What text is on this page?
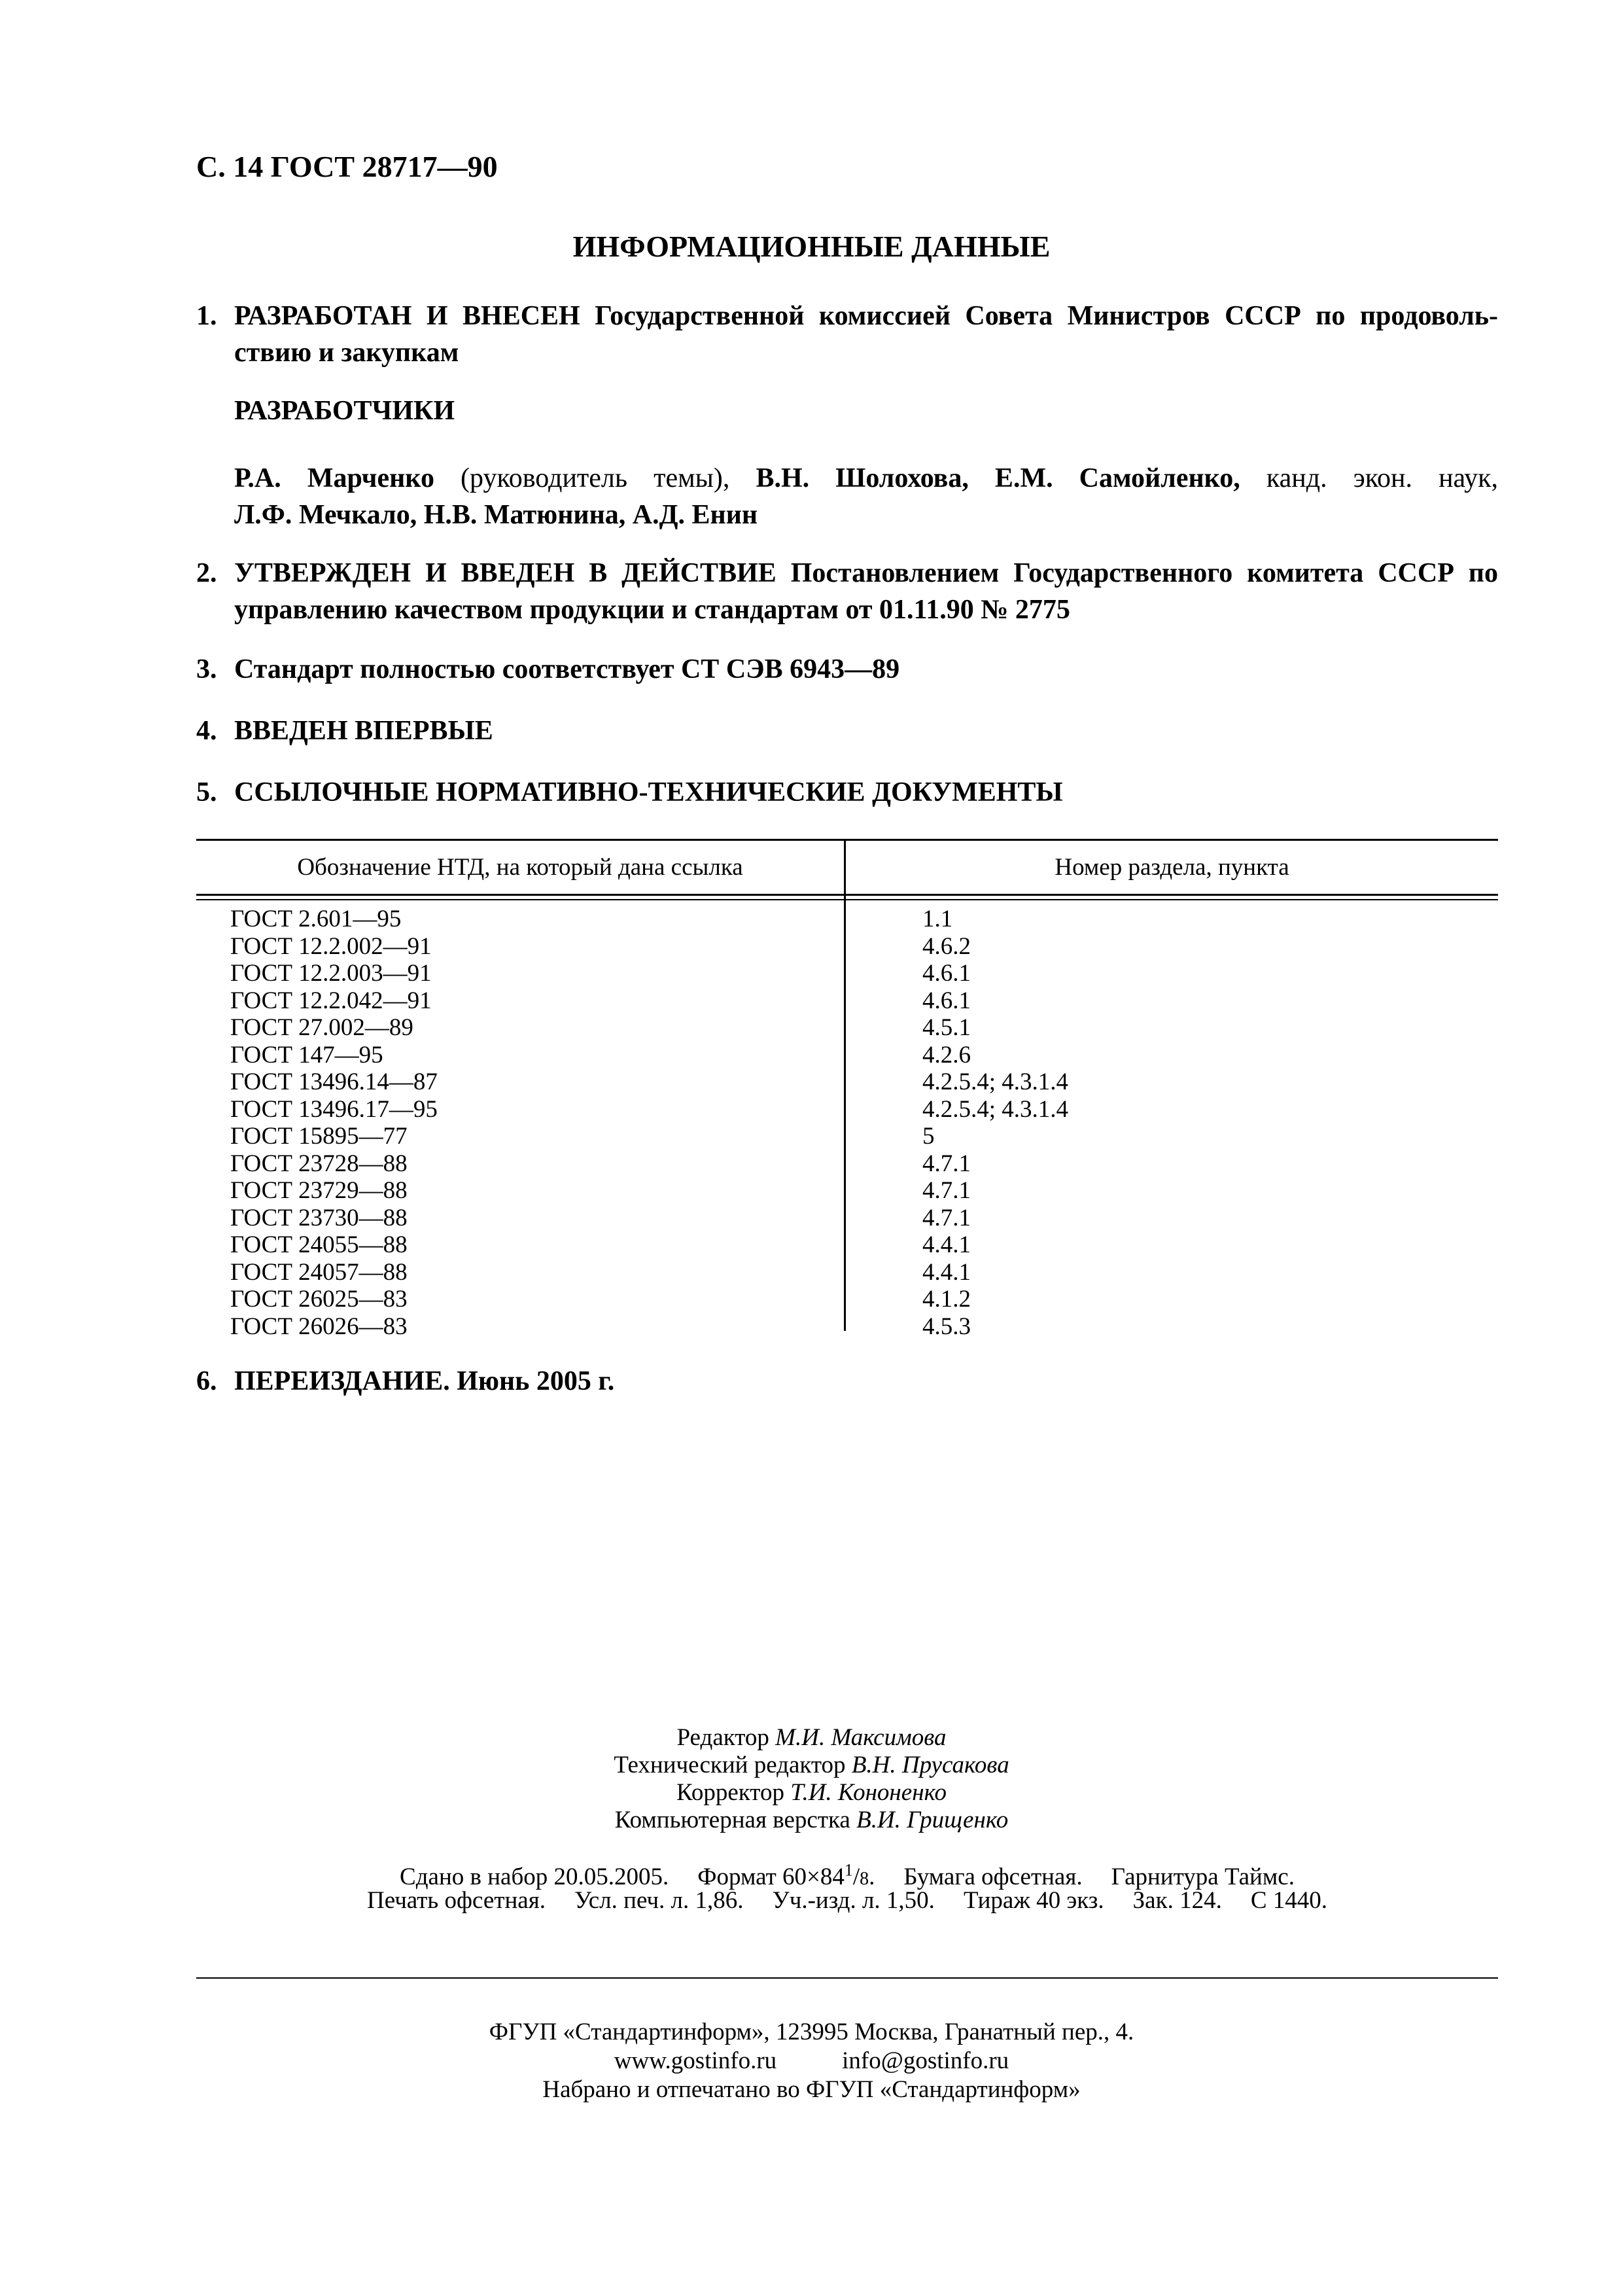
С. 14 ГОСТ 28717—90
ИНФОРМАЦИОННЫЕ ДАННЫЕ
1. РАЗРАБОТАН И ВНЕСЕН Государственной комиссией Совета Министров СССР по продоволь-
ствию и закупкам
РАЗРАБОТЧИКИ
Р.А. Марченко (руководитель темы), В.Н. Шолохова, Е.М. Самойленко, канд. экон. наук,
Л.Ф. Мечкало, Н.В. Матюнина, А.Д. Енин
2. УТВЕРЖДЕН И ВВЕДЕН В ДЕЙСТВИЕ Постановлением Государственного комитета СССР по
управлению качеством продукции и стандартам от 01.11.90 № 2775
3. Стандарт полностью соответствует СТ СЭВ 6943—89
4. ВВЕДЕН ВПЕРВЫЕ
5. ССЫЛОЧНЫЕ НОРМАТИВНО-ТЕХНИЧЕСКИЕ ДОКУМЕНТЫ
Обозначение НТД, на который дана ссылка	Номер раздела, пункта
ГОСТ 2.601—95	1.1
ГОСТ 12.2.002—91	4.6.2
ГОСТ 12.2.003—91	4.6.1
ГОСТ 12.2.042—91	4.6.1
ГОСТ 27.002—89	4.5.1
ГОСТ 147—95	4.2.6
ГОСТ 13496.14—87	4.2.5.4; 4.3.1.4
ГОСТ 13496.17—95	4.2.5.4; 4.3.1.4
ГОСТ 15895—77	5
ГОСТ 23728—88	4.7.1
ГОСТ 23729—88	4.7.1
ГОСТ 23730—88	4.7.1
ГОСТ 24055—88	4.4.1
ГОСТ 24057—88	4.4.1
ГОСТ 26025—83	4.1.2
ГОСТ 26026—83	4.5.3
6. ПЕРЕИЗДАНИЕ. Июнь 2005 г.
Редактор М.И. Максимова
Технический редактор В.Н. Прусакова
Корректор Т.И. Кононенко
Компьютерная верстка В.И. Грищенко
Сдано в набор 20.05.2005. Формат $60\times 84^1/8$. Бумага офсетная. Гарнитура Таймс.
Печать офсетная. Усл. печ. л. 1,86. Уч.-изд. л. 1,50. Тираж 40 экз. Зак. 124. С 1440.
ФГУП «Стандартинформ», 123995 Москва, Гранатный пер., 4.
www.gostinfo.ru	info@gostinfo.ru
Набрано и отпечатано во ФГУП «Стандартинформ»
